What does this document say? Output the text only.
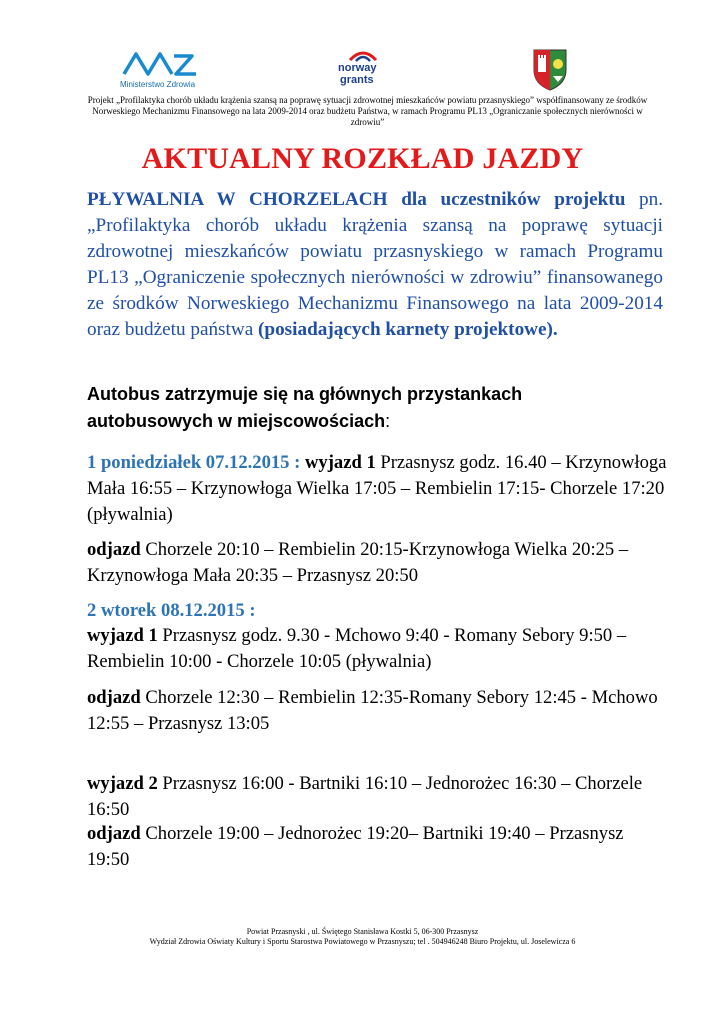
Ministerstwo Zdrowia
norway
grants
Projekt „Profilaktyka chorób układu krążenia szansą na poprawę sytuacji zdrowotnej mieszkańców powiatu przasnyskiego” współfinansowany ze środków Norweskiego Mechanizmu Finansowego na lata 2009-2014 oraz budżetu Państwa, w ramach Programu PL13 „Ograniczanie społecznych nierówności w zdrowiu”
AKTUALNY ROZKŁAD JAZDY
PŁYWALNIA W CHORZELACH dla uczestników projektu pn. „Profilaktyka chorób układu krążenia szansą na poprawę sytuacji zdrowotnej mieszkańców powiatu przasnyskiego w ramach Programu PL13 „Ograniczenie społecznych nierówności w zdrowiu” finansowanego ze środków Norweskiego Mechanizmu Finansowego na lata 2009-2014 oraz budżetu państwa (posiadających karnety projektowe).
Autobus zatrzymuje się na głównych przystankach autobusowych w miejscowościach:
1 poniedziałek 07.12.2015 : wyjazd 1 Przasnysz godz. 16.40 – Krzynowłoga Mała 16:55 – Krzynowłoga Wielka 17:05 – Rembielin 17:15- Chorzele 17:20 (pływalnia)
odjazd Chorzele 20:10 – Rembielin 20:15-Krzynowłoga Wielka 20:25 – Krzynowłoga Mała 20:35 – Przasnysz 20:50
2 wtorek 08.12.2015 :
wyjazd 1 Przasnysz godz. 9.30 - Mchowo 9:40 - Romany Sebory 9:50 – Rembielin 10:00 - Chorzele 10:05 (pływalnia)
odjazd Chorzele 12:30 – Rembielin 12:35-Romany Sebory 12:45 - Mchowo 12:55 – Przasnysz 13:05
wyjazd 2 Przasnysz 16:00 - Bartniki 16:10 – Jednorożec 16:30 – Chorzele 16:50
odjazd Chorzele 19:00 – Jednorożec 19:20– Bartniki 19:40 – Przasnysz 19:50
Powiat Przasnyski , ul. Świętego Stanisława Kostki 5, 06-300 Przasnysz
Wydział Zdrowia Oświaty Kultury i Sportu Starostwa Powiatowego w Przasnyszu; tel . 504946248 Biuro Projektu, ul. Joselewicza 6
